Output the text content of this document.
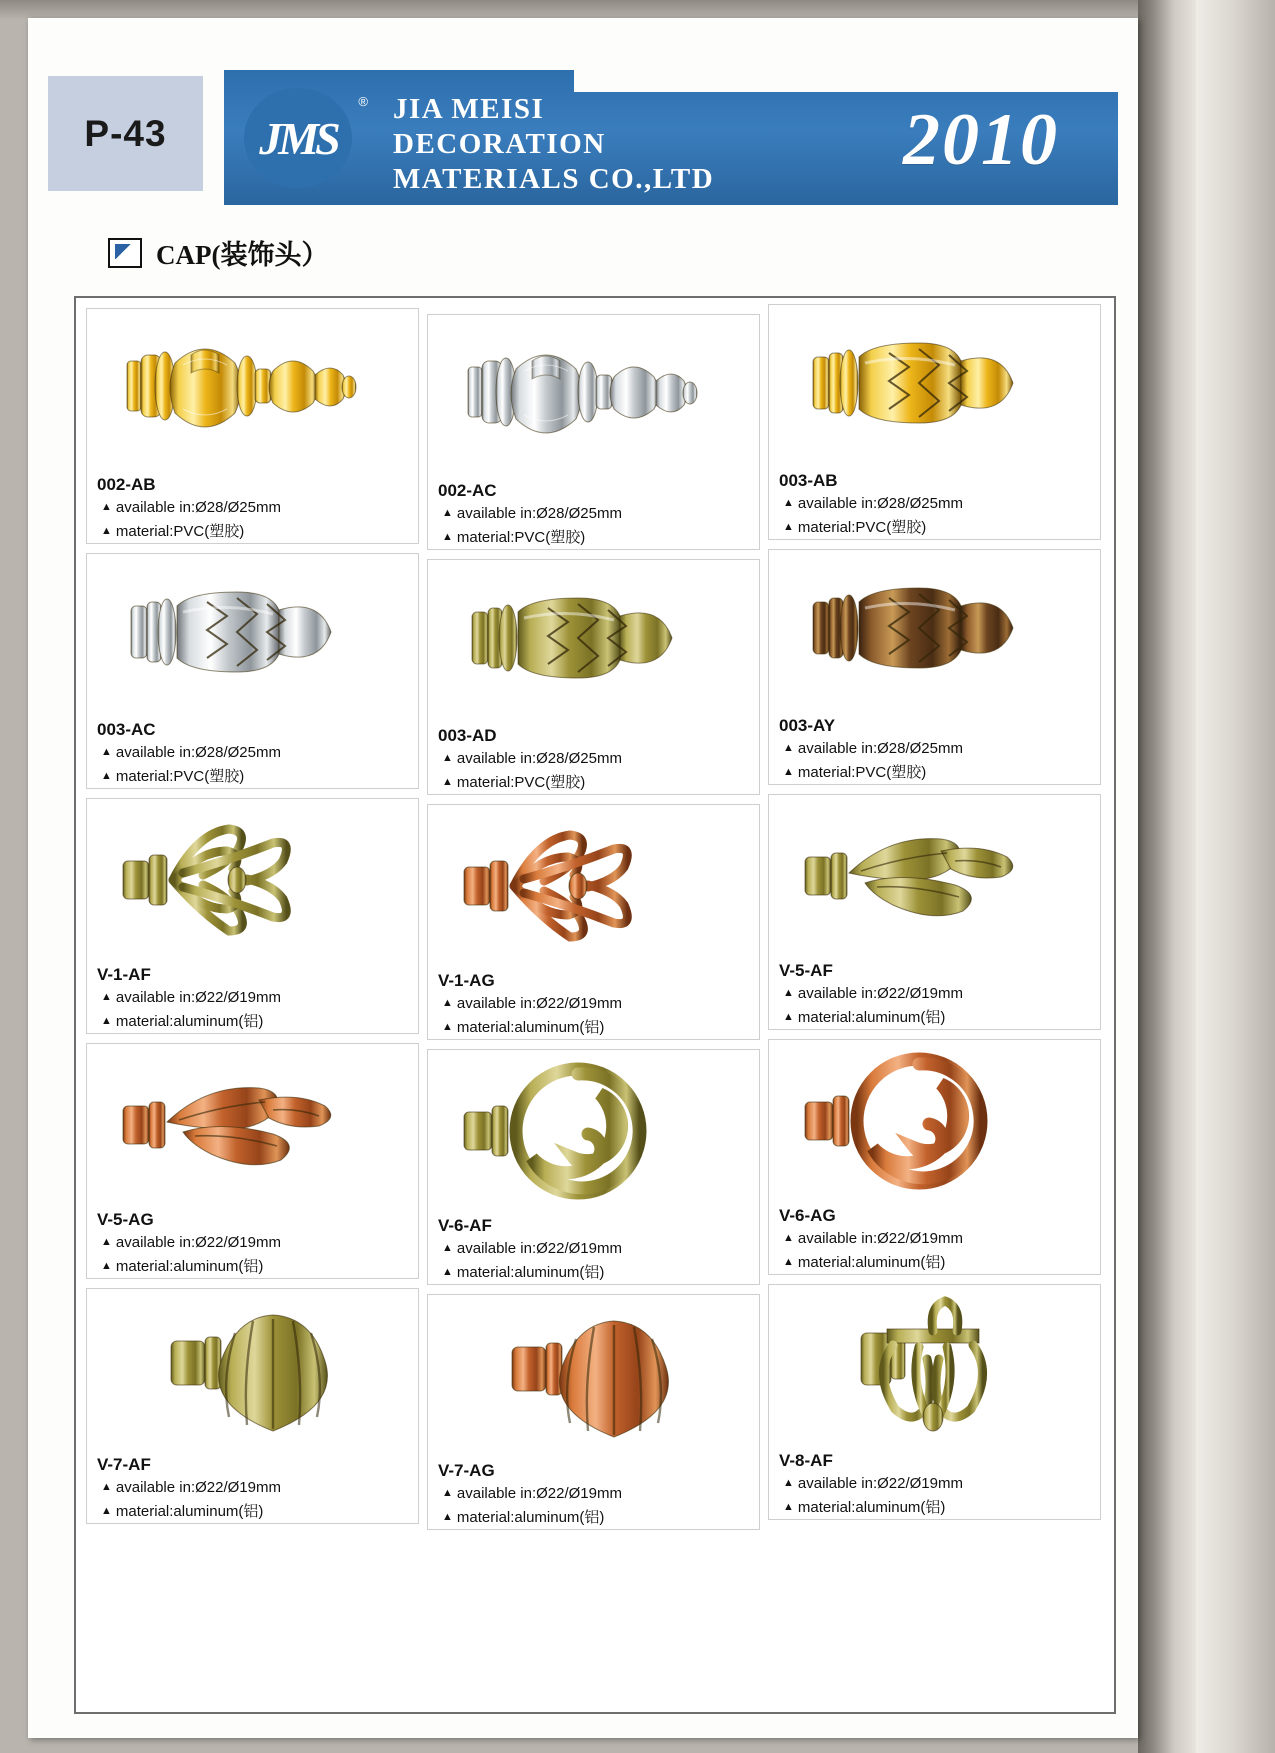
P-43 JMS
® JIA MEISI
DECORATION
MATERIALS CO.,LTD	2010
CAP(装饰头）
002-AB
▲ available in:Ø28/Ø25mm
▲ material:PVC(塑胶)
002-AC
▲ available in:Ø28/Ø25mm
▲ material:PVC(塑胶)
003-AB
▲ available in:Ø28/Ø25mm
▲ material:PVC(塑胶)
003-AC
▲ available in:Ø28/Ø25mm
▲ material:PVC(塑胶)
003-AD
▲ available in:Ø28/Ø25mm
▲ material:PVC(塑胶)
003-AY
▲ available in:Ø28/Ø25mm
▲ material:PVC(塑胶)
V-1-AF
▲ available in:Ø22/Ø19mm
▲ material:aluminum(铝)
V-1-AG
▲ available in:Ø22/Ø19mm
▲ material:aluminum(铝)
V-5-AF
▲ available in:Ø22/Ø19mm
▲ material:aluminum(铝)
V-5-AG
▲ available in:Ø22/Ø19mm
▲ material:aluminum(铝)
V-6-AF
▲ available in:Ø22/Ø19mm
▲ material:aluminum(铝)
V-6-AG
▲ available in:Ø22/Ø19mm
▲ material:aluminum(铝)
V-7-AF
▲ available in:Ø22/Ø19mm
▲ material:aluminum(铝)
V-7-AG
▲ available in:Ø22/Ø19mm
▲ material:aluminum(铝)
V-8-AF
▲ available in:Ø22/Ø19mm
▲ material:aluminum(铝)
